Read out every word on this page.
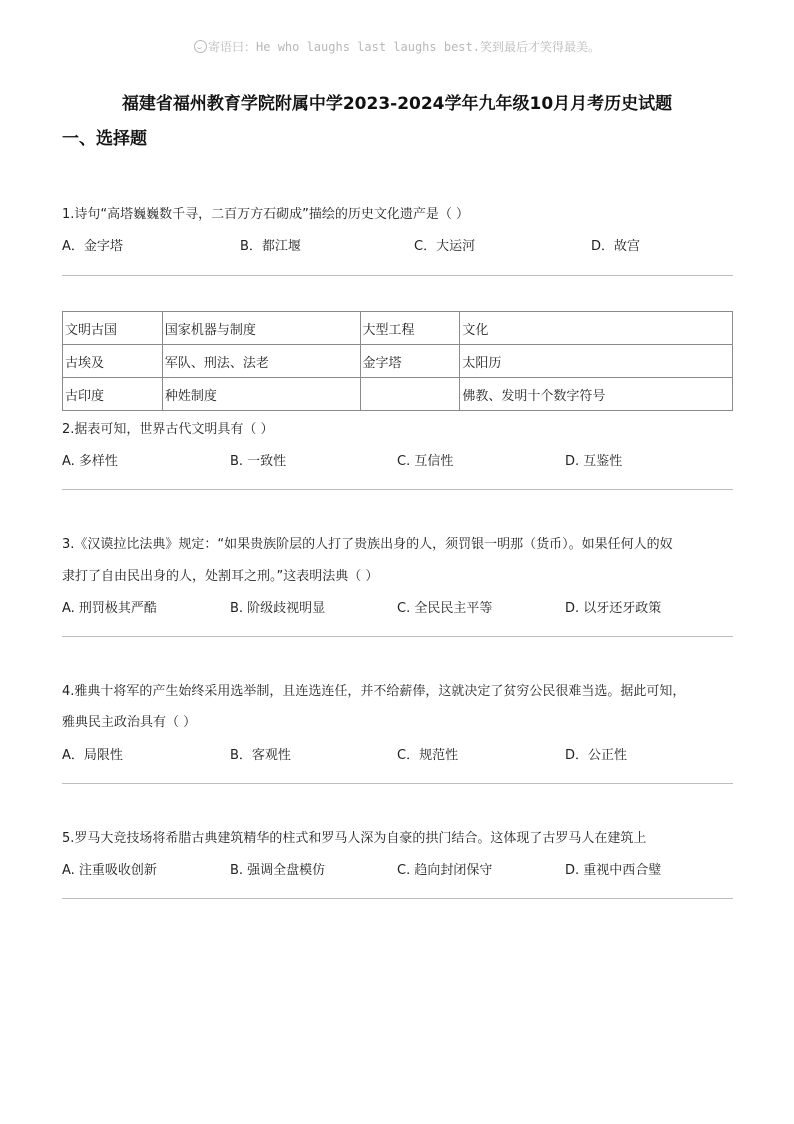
寄语曰：He who laughs last laughs best.笑到最后才笑得最美。
福建省福州教育学院附属中学2023-2024学年九年级10月月考历史试题
一、选择题
1.诗句“高塔巍巍数千寻，二百万方石砌成”描绘的历史文化遗产是（ ）
A．金字塔	B．都江堰	C．大运河	D．故宫
文明古国	国家机器与制度	大型工程	文化
古埃及	军队、刑法、法老	金字塔	太阳历
古印度	种姓制度		佛教、发明十个数字符号
2.据表可知，世界古代文明具有（ ）
A. 多样性	B. 一致性	C. 互信性	D. 互鉴性
3.《汉谟拉比法典》规定：“如果贵族阶层的人打了贵族出身的人，须罚银一明那（货币）。如果任何人的奴
隶打了自由民出身的人，处割耳之刑。”这表明法典（ ）
A. 刑罚极其严酷	B. 阶级歧视明显	C. 全民民主平等	D. 以牙还牙政策
4.雅典十将军的产生始终采用选举制，且连选连任，并不给薪俸，这就决定了贫穷公民很难当选。据此可知，
雅典民主政治具有（ ）
A．局限性	B．客观性	C．规范性	D．公正性
5.罗马大竞技场将希腊古典建筑精华的柱式和罗马人深为自豪的拱门结合。这体现了古罗马人在建筑上
A. 注重吸收创新	B. 强调全盘模仿	C. 趋向封闭保守	D. 重视中西合璧
